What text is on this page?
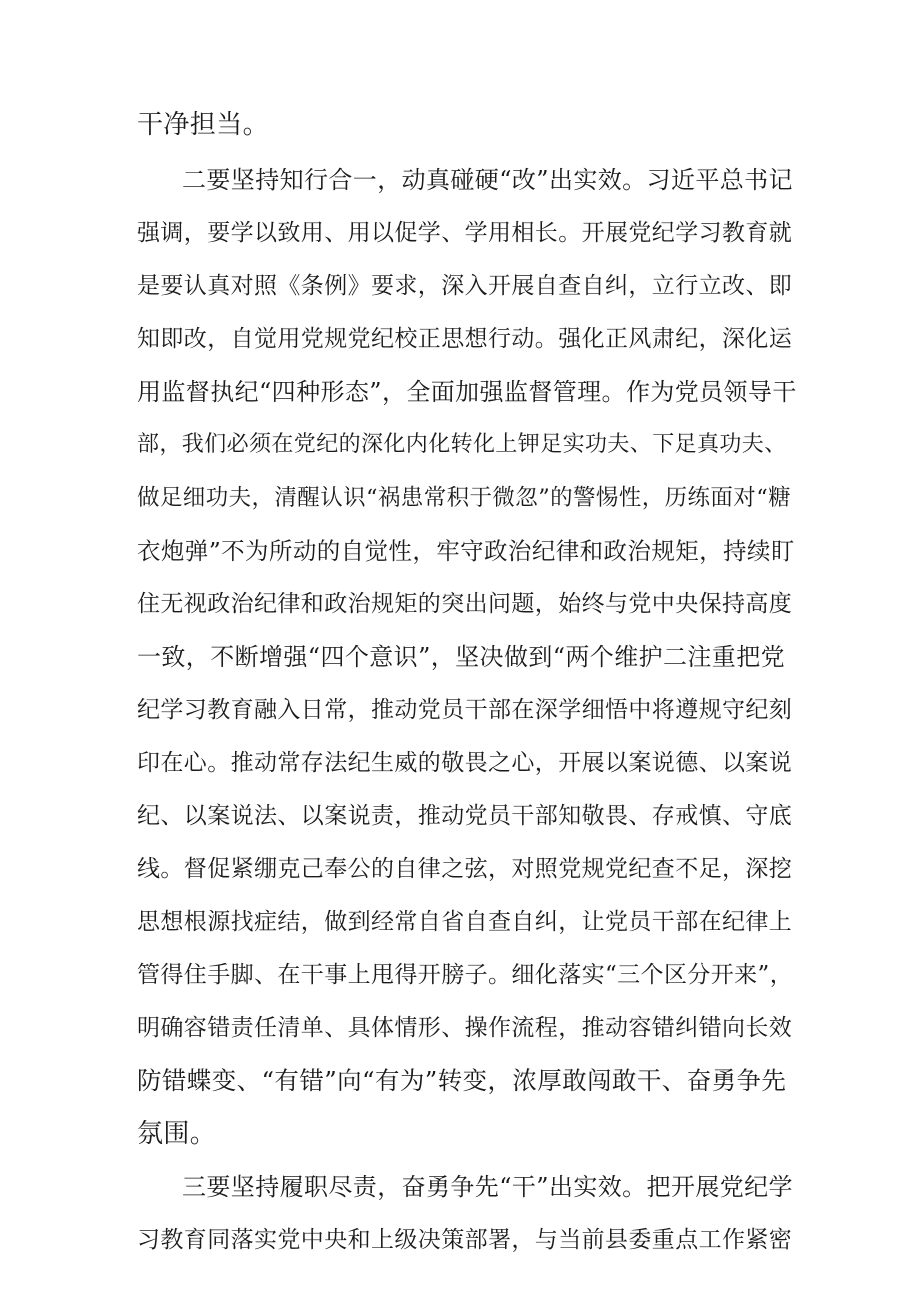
干净担当。
二要坚持知行合一，动真碰硬“改”出实效。习近平总书记
强调，要学以致用、用以促学、学用相长。开展党纪学习教育就
是要认真对照《条例》要求，深入开展自查自纠，立行立改、即
知即改，自觉用党规党纪校正思想行动。强化正风肃纪，深化运
用监督执纪“四种形态”，全面加强监督管理。作为党员领导干
部，我们必须在党纪的深化内化转化上钾足实功夫、下足真功夫、
做足细功夫，清醒认识“祸患常积于微忽”的警惕性，历练面对“糖
衣炮弹”不为所动的自觉性，牢守政治纪律和政治规矩，持续盯
住无视政治纪律和政治规矩的突出问题，始终与党中央保持高度
一致，不断增强“四个意识”，坚决做到“两个维护二注重把党
纪学习教育融入日常，推动党员干部在深学细悟中将遵规守纪刻
印在心。推动常存法纪生威的敬畏之心，开展以案说德、以案说
纪、以案说法、以案说责，推动党员干部知敬畏、存戒慎、守底
线。督促紧绷克己奉公的自律之弦，对照党规党纪查不足，深挖
思想根源找症结，做到经常自省自查自纠，让党员干部在纪律上
管得住手脚、在干事上甩得开膀子。细化落实“三个区分开来”，
明确容错责任清单、具体情形、操作流程，推动容错纠错向长效
防错蝶变、“有错”向“有为”转变，浓厚敢闯敢干、奋勇争先
氛围。
三要坚持履职尽责，奋勇争先“干”出实效。把开展党纪学
习教育同落实党中央和上级决策部署，与当前县委重点工作紧密
